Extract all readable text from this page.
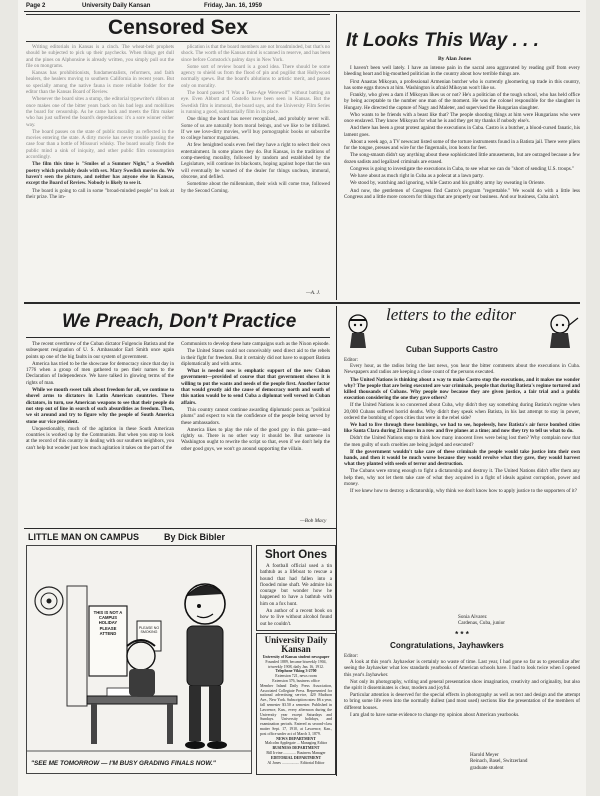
Page 2	University Daily Kansan	Friday, Jan. 16, 1959
Censored Sex

Writing editorials in Kansas is a cinch. The wheat-belt prophets should be subjected to pick up their paychecks. When things get dull and the pines on Alphonsine is already written, you simply pull out the file on mongrams.

Kansas has prohibitionists, fundamentalists, reformers, and faith healers, the healers moving to southern California in recent years. But so specially among the native fauna is more reliable fodder for the editor than the Kansas Board of Review.

Whenever the board sites a stump, the editorial typewriter's ribbon at once makes one of the bitter years back on his bad legs and mobilizes the board for censorship. As he came back and meets the film maker who has just suffered the board's depredations: it's a sore winner either way.

The board passes on the state of public morality as reflected in the movies entering the state. A dirty movie has never trouble passing the case four than a bottle of Missouri whisky. The board usually finds the public mind a sink of iniquity, and other public film consumption accordingly.

The film this time is "Smiles of a Summer Night," a Swedish poetry which probably deals with sex. Mary Swedish movies do. We haven't seen the picture, and neither has anyone else in Kansas, except the Board of Review. Nobody is likely to see it.

The board is going to call in some "broad-minded people" to look at their prize. The im-

plication is that the board members are not broadminded, but that's no shock. The worth of the Kansas mind is scanned in reserve, and has been since before Comstock's palmy days in New York.

Some sort of review board is a good idea. There should be some agency to shield us from the flood of pin and pugilist that Hollywood normally spews. But the board's ablutions to artistic merit, and passes only on morality.

The board passed "I Was a Teen-Age Werewolf" without batting an eye. Even Abbott and Costello have been seen in Kansas. But the Swedish film is immoral, the board says, and the University Film Series is running a good, substantially film in its place.

One thing the board has never recognized, and probably never will. Some of us are naturally born moral beings, and we like to be titillated. If we see love-dirty movies, we'll buy pornographic books or subscribe to college humor magazines.

At few benighted souls even feel they have a right to select their own entertainment. In some places they do. But Kansas, in the traditions of comp-meeting morality, followed by random and established by the Legislature, will continue its blackouts, hoping against hope that the sun will eventually be warned of the dealer for things unclean, immoral, obscene, and defiled.

Sometime about the millennium, their wish will come true, followed by the Second Coming.

—A. J.
It Looks This Way . . .
By Alan Jones

I haven't been well lately. I have an intense pain in the sacral area aggravated by reading golf from every bleeding heart and big-mouthed politician in the country about how terrible things are.

First Anastas Mikoyan, a professional Armenian butcher who is currently gloomering up trade in this country, has some eggs thrown at him. Washington is afraid Mikoyan won't like us.

Frankly, who gives a darn if Mikoyan likes us or not? He's a politician of the tough school, who has held office by being acceptable to the number one man of the moment. He was the colonel responsible for the slaughter in Hungary. He directed the capture of Nagy and Maleter, and supervised the Hungarian slaughter.

Who wants to be friends with a beast like that? The people shooting things at him were Hungarians who were once enslaved. They know Mikoyan for what he is and they get my thanks if nobody else's.

And there has been a great protest against the executions in Cuba. Castro is a butcher, a blood-cursed fanatic, his lament goes.

About a week ago, a TV newscast listed some of the torture instruments found in a Batista jail. There were pliers for the tongue, presses and wire for the fingernails, iron boots for feet.

The song-smasm didn't say anything about these sophisticated little amusements, but are outraged because a few dozen sadists and legalized criminals are erased.

Congress is going to investigate the executions in Cuba, to see what we can do "short of sending U.S. troops."

We have about as much right in Cuba as a polecat at a lawn party.

We stood by, watching and ignoring, while Castro and his grubby army lay sweating in Oriente.

And now, the gentlemen of Congress find Castro's program "regrettable." We would do with a little less Congress and a little more concern for things that are properly our business. And our business, Cuba ain't.

We Preach, Don't Practice

The recent overthrow of the Cuban dictator Fulgencio Batista and the subsequent resignation of U. S. Ambassador Earl Smith once again points up one of the big faults in our system of government.

America has tried to be the showcase for democracy since that day in 1776 when a group of men gathered to pen their names to the Declaration of Independence. We have talked in glowing terms of the rights of man.

While we mouth sweet talk about freedom for all, we continue to shovel arms to dictators in Latin American countries. These dictators, in turn, use American weapons to see that their people do not step out of line in search of such absurdities as freedom. Then, we sit around and try to figure why the people of South America stone our vice president.

Unquestionably, much of the agitation in these South American countries is worked up by the Communists. But when you stop to look at the record of this country in dealing with our southern neighbors, you can't help but wonder just how much agitation it takes on the part of the

Communists to develop these hate campaigns such as the Nixon episode.

The United States could not conceivably send direct aid to the rebels in their fight for freedom. But it certainly did not have to support Batista diplomatically and with arms.

What is needed now is emphatic support of the new Cuban government—provided of course that that government shows it is willing to put the wants and needs of the people first. Another factor that would greatly aid the cause of democracy north and south of this nation would be to send Cuba a diplomat well versed in Cuban affairs.

This country cannot continue awarding diplomatic posts as "political plums" and expect to win the confidence of the people being served by these ambassadors.

America likes to play the role of the good guy in this game—and rightly so. There is no other way it should be. But someone in Washington ought to rewrite the script so that, even if we don't help the other good guys, we won't go around supporting the villain.

—Bob Macy
LITTLE MAN ON CAMPUS	By Dick Bibler
THIS IS NOT A CAMPUS HOLIDAY PLEASE ATTEND
PLEASE NO SMOKING
"SEE ME TOMORROW — I'M BUSY GRADING FINALS NOW."
Short Ones

A football official used a tin bathtub as a lifeboat to rescue a hound that had fallen into a flooded mine shaft. We admire his courage but wonder how he happened to have a bathtub with him on a fox hunt.

An author of a recent book on how to live without alcohol found out he couldn't.

University Daily Kansan
University of Kansas student newspaper
Founded 1889, became biweekly 1904, triweekly 1908, daily Jan. 16, 1912.
Telephone Viking 3-2700
Extension 721, news room
Extension 376, business office
Member Inland Daily Press Association, Associated Collegiate Press. Represented for national advertising service, 420 Madison Ave., New York. Subscription rates: $6 a year, fall semester $3.50 a semester. Published in Lawrence, Kan., every afternoon during the University year except Saturdays and Sundays. University holidays, and examination periods. Entered as second-class matter Sept. 17, 1910, at Lawrence, Kan., post office under act of March 3, 1879.
NEWS DEPARTMENT
Malcolm Applegate ... Managing Editor
BUSINESS DEPARTMENT
Bill Irvine ............. Business Manager
EDITORIAL DEPARTMENT
Al Jones .................. Editorial Editor
letters to the editor
Cuban Supports Castro
Editor:

Every hour, as the radios bring the last news, you hear the bitter comments about the executions in Cuba. Newspapers and radios are keeping a close count of the persons executed.

The United Nations is thinking about a way to make Castro stop the executions, and it makes me wonder why? The people that are being executed are war criminals, people that during Batista's regime tortured and killed thousands of Cubans. Why people now because they are given justice, a fair trial and a public execution considering the one they gave others?

If the United Nations is so concerned about Cuba, why didn't they say something during Batista's regime when 20,000 Cubans suffered horrid deaths. Why didn't they speak when Batista, in his last attempt to stay in power, ordered the bombing of open cities that were in the rebel side?

We had to live through these bombings, we had to see, hopelessly, how Batista's air force bombed cities like Santa Clara during 23 hours in a row and five planes at a time; and now they try to tell us what to do.

Didn't the United Nations stop to think how many innocent lives were being lost then? Why complain now that the men guilty of such cruelties are being judged and executed?

If the government wouldn't take care of these criminals the people would take justice into their own hands, and then it would be much worse because they would revolve what they gave, they would harvest what they planted with seeds of terror and destruction.

The Cubans were strong enough to fight a dictatorship and destroy it. The United Nations didn't offer them any help then, why not let them take care of what they acquired in a fight of ideals against corruption, power and money.

If we knew how to destroy a dictatorship, why think we don't know how to apply justice to the supporters of it?

Sonia Alvarez
Cardenas, Cuba, junior
* * *
Congratulations, Jayhawkers
Editor:

A look at this year's Jayhawker is certainly no waste of time. Last year, I had gone so far as to generalize after seeing the Jayhawker what low standards yearbooks of American schools have. I had to look twice when I opened this year's Jayhawker.

Not only its photography, writing and general presentation show imagination, creativity and originality, but also the spirit it disseminates is clear, modern and joyful.

Particular attention is deserved for the special effects in photography as well as text and design and the attempt to bring some life even into the normally dullest (and most used) sections like the presentation of the members of different houses.

I am glad to have some evidence to change my opinion about American yearbooks.

Harold Meyer
Reinach, Basel, Switzerland
graduate student
